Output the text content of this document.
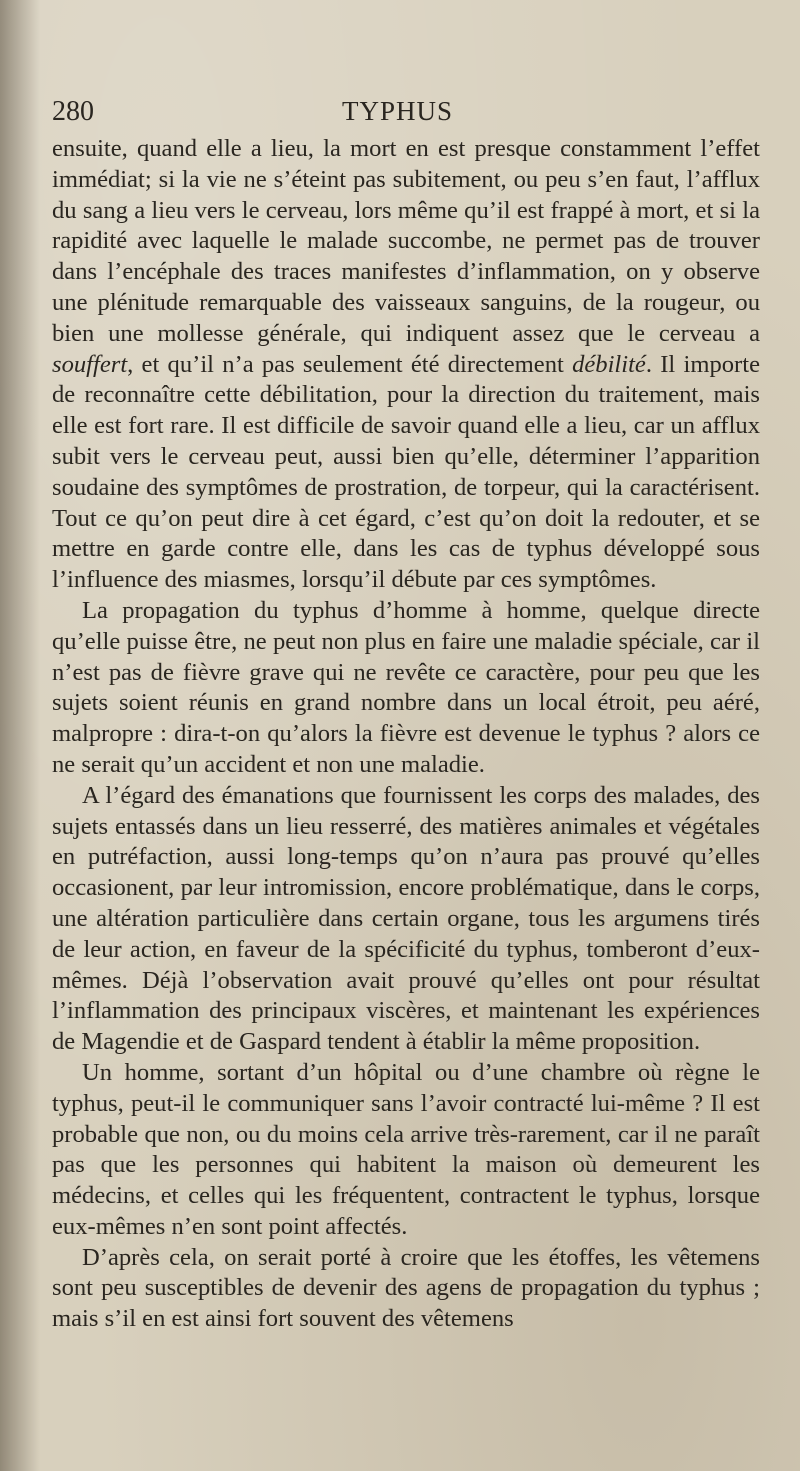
280	TYPHUS

ensuite, quand elle a lieu, la mort en est presque constamment l’effet immédiat; si la vie ne s’éteint pas subitement, ou peu s’en faut, l’afflux du sang a lieu vers le cerveau, lors même qu’il est frappé à mort, et si la rapidité avec laquelle le malade succombe, ne permet pas de trouver dans l’encéphale des traces manifestes d’inflammation, on y observe une plénitude remarquable des vaisseaux sanguins, de la rougeur, ou bien une mollesse générale, qui indiquent assez que le cerveau a souffert, et qu’il n’a pas seulement été directement débilité. Il importe de reconnaître cette débilitation, pour la direction du traitement, mais elle est fort rare. Il est difficile de savoir quand elle a lieu, car un afflux subit vers le cerveau peut, aussi bien qu’elle, déterminer l’apparition soudaine des symptômes de prostration, de torpeur, qui la caractérisent. Tout ce qu’on peut dire à cet égard, c’est qu’on doit la redouter, et se mettre en garde contre elle, dans les cas de typhus développé sous l’influence des miasmes, lorsqu’il débute par ces symptômes.

La propagation du typhus d’homme à homme, quelque directe qu’elle puisse être, ne peut non plus en faire une maladie spéciale, car il n’est pas de fièvre grave qui ne revête ce caractère, pour peu que les sujets soient réunis en grand nombre dans un local étroit, peu aéré, malpropre : dira-t-on qu’alors la fièvre est devenue le typhus ? alors ce ne serait qu’un accident et non une maladie.

A l’égard des émanations que fournissent les corps des malades, des sujets entassés dans un lieu resserré, des matières animales et végétales en putréfaction, aussi long-temps qu’on n’aura pas prouvé qu’elles occasionent, par leur intromission, encore problématique, dans le corps, une altération particulière dans certain organe, tous les argumens tirés de leur action, en faveur de la spécificité du typhus, tomberont d’eux-mêmes. Déjà l’observation avait prouvé qu’elles ont pour résultat l’inflammation des principaux viscères, et maintenant les expériences de Magendie et de Gaspard tendent à établir la même proposition.

Un homme, sortant d’un hôpital ou d’une chambre où règne le typhus, peut-il le communiquer sans l’avoir contracté lui-même ? Il est probable que non, ou du moins cela arrive très-rarement, car il ne paraît pas que les personnes qui habitent la maison où demeurent les médecins, et celles qui les fréquentent, contractent le typhus, lorsque eux-mêmes n’en sont point affectés.

D’après cela, on serait porté à croire que les étoffes, les vêtemens sont peu susceptibles de devenir des agens de propagation du typhus ; mais s’il en est ainsi fort souvent des vêtemens
